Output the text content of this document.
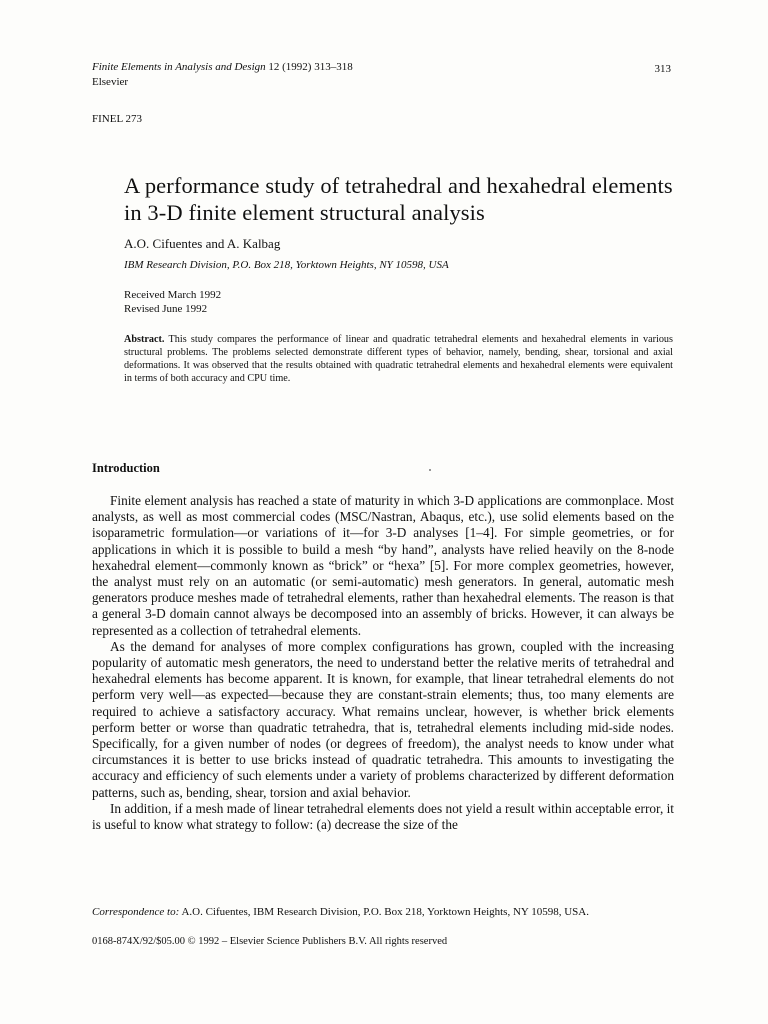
Finite Elements in Analysis and Design 12 (1992) 313–318
Elsevier
313
FINEL 273
A performance study of tetrahedral and hexahedral elements in 3-D finite element structural analysis
A.O. Cifuentes and A. Kalbag
IBM Research Division, P.O. Box 218, Yorktown Heights, NY 10598, USA
Received March 1992
Revised June 1992
Abstract. This study compares the performance of linear and quadratic tetrahedral elements and hexahedral elements in various structural problems. The problems selected demonstrate different types of behavior, namely, bending, shear, torsional and axial deformations. It was observed that the results obtained with quadratic tetrahedral elements and hexahedral elements were equivalent in terms of both accuracy and CPU time.
Introduction

Finite element analysis has reached a state of maturity in which 3-D applications are commonplace. Most analysts, as well as most commercial codes (MSC/Nastran, Abaqus, etc.), use solid elements based on the isoparametric formulation—or variations of it—for 3-D analyses [1–4]. For simple geometries, or for applications in which it is possible to build a mesh “by hand”, analysts have relied heavily on the 8-node hexahedral element—commonly known as “brick” or “hexa” [5]. For more complex geometries, however, the analyst must rely on an automatic (or semi-automatic) mesh generators. In general, automatic mesh generators produce meshes made of tetrahedral elements, rather than hexahedral elements. The reason is that a general 3-D domain cannot always be decomposed into an assembly of bricks. However, it can always be represented as a collection of tetrahedral elements.

As the demand for analyses of more complex configurations has grown, coupled with the increasing popularity of automatic mesh generators, the need to understand better the relative merits of tetrahedral and hexahedral elements has become apparent. It is known, for example, that linear tetrahedral elements do not perform very well—as expected—because they are constant-strain elements; thus, too many elements are required to achieve a satisfactory accuracy. What remains unclear, however, is whether brick elements perform better or worse than quadratic tetrahedra, that is, tetrahedral elements including mid-side nodes. Specifically, for a given number of nodes (or degrees of freedom), the analyst needs to know under what circumstances it is better to use bricks instead of quadratic tetrahedra. This amounts to investigating the accuracy and efficiency of such elements under a variety of problems characterized by different deformation patterns, such as, bending, shear, torsion and axial behavior.

In addition, if a mesh made of linear tetrahedral elements does not yield a result within acceptable error, it is useful to know what strategy to follow: (a) decrease the size of the

Correspondence to: A.O. Cifuentes, IBM Research Division, P.O. Box 218, Yorktown Heights, NY 10598, USA.
0168-874X/92/$05.00 © 1992 – Elsevier Science Publishers B.V. All rights reserved
